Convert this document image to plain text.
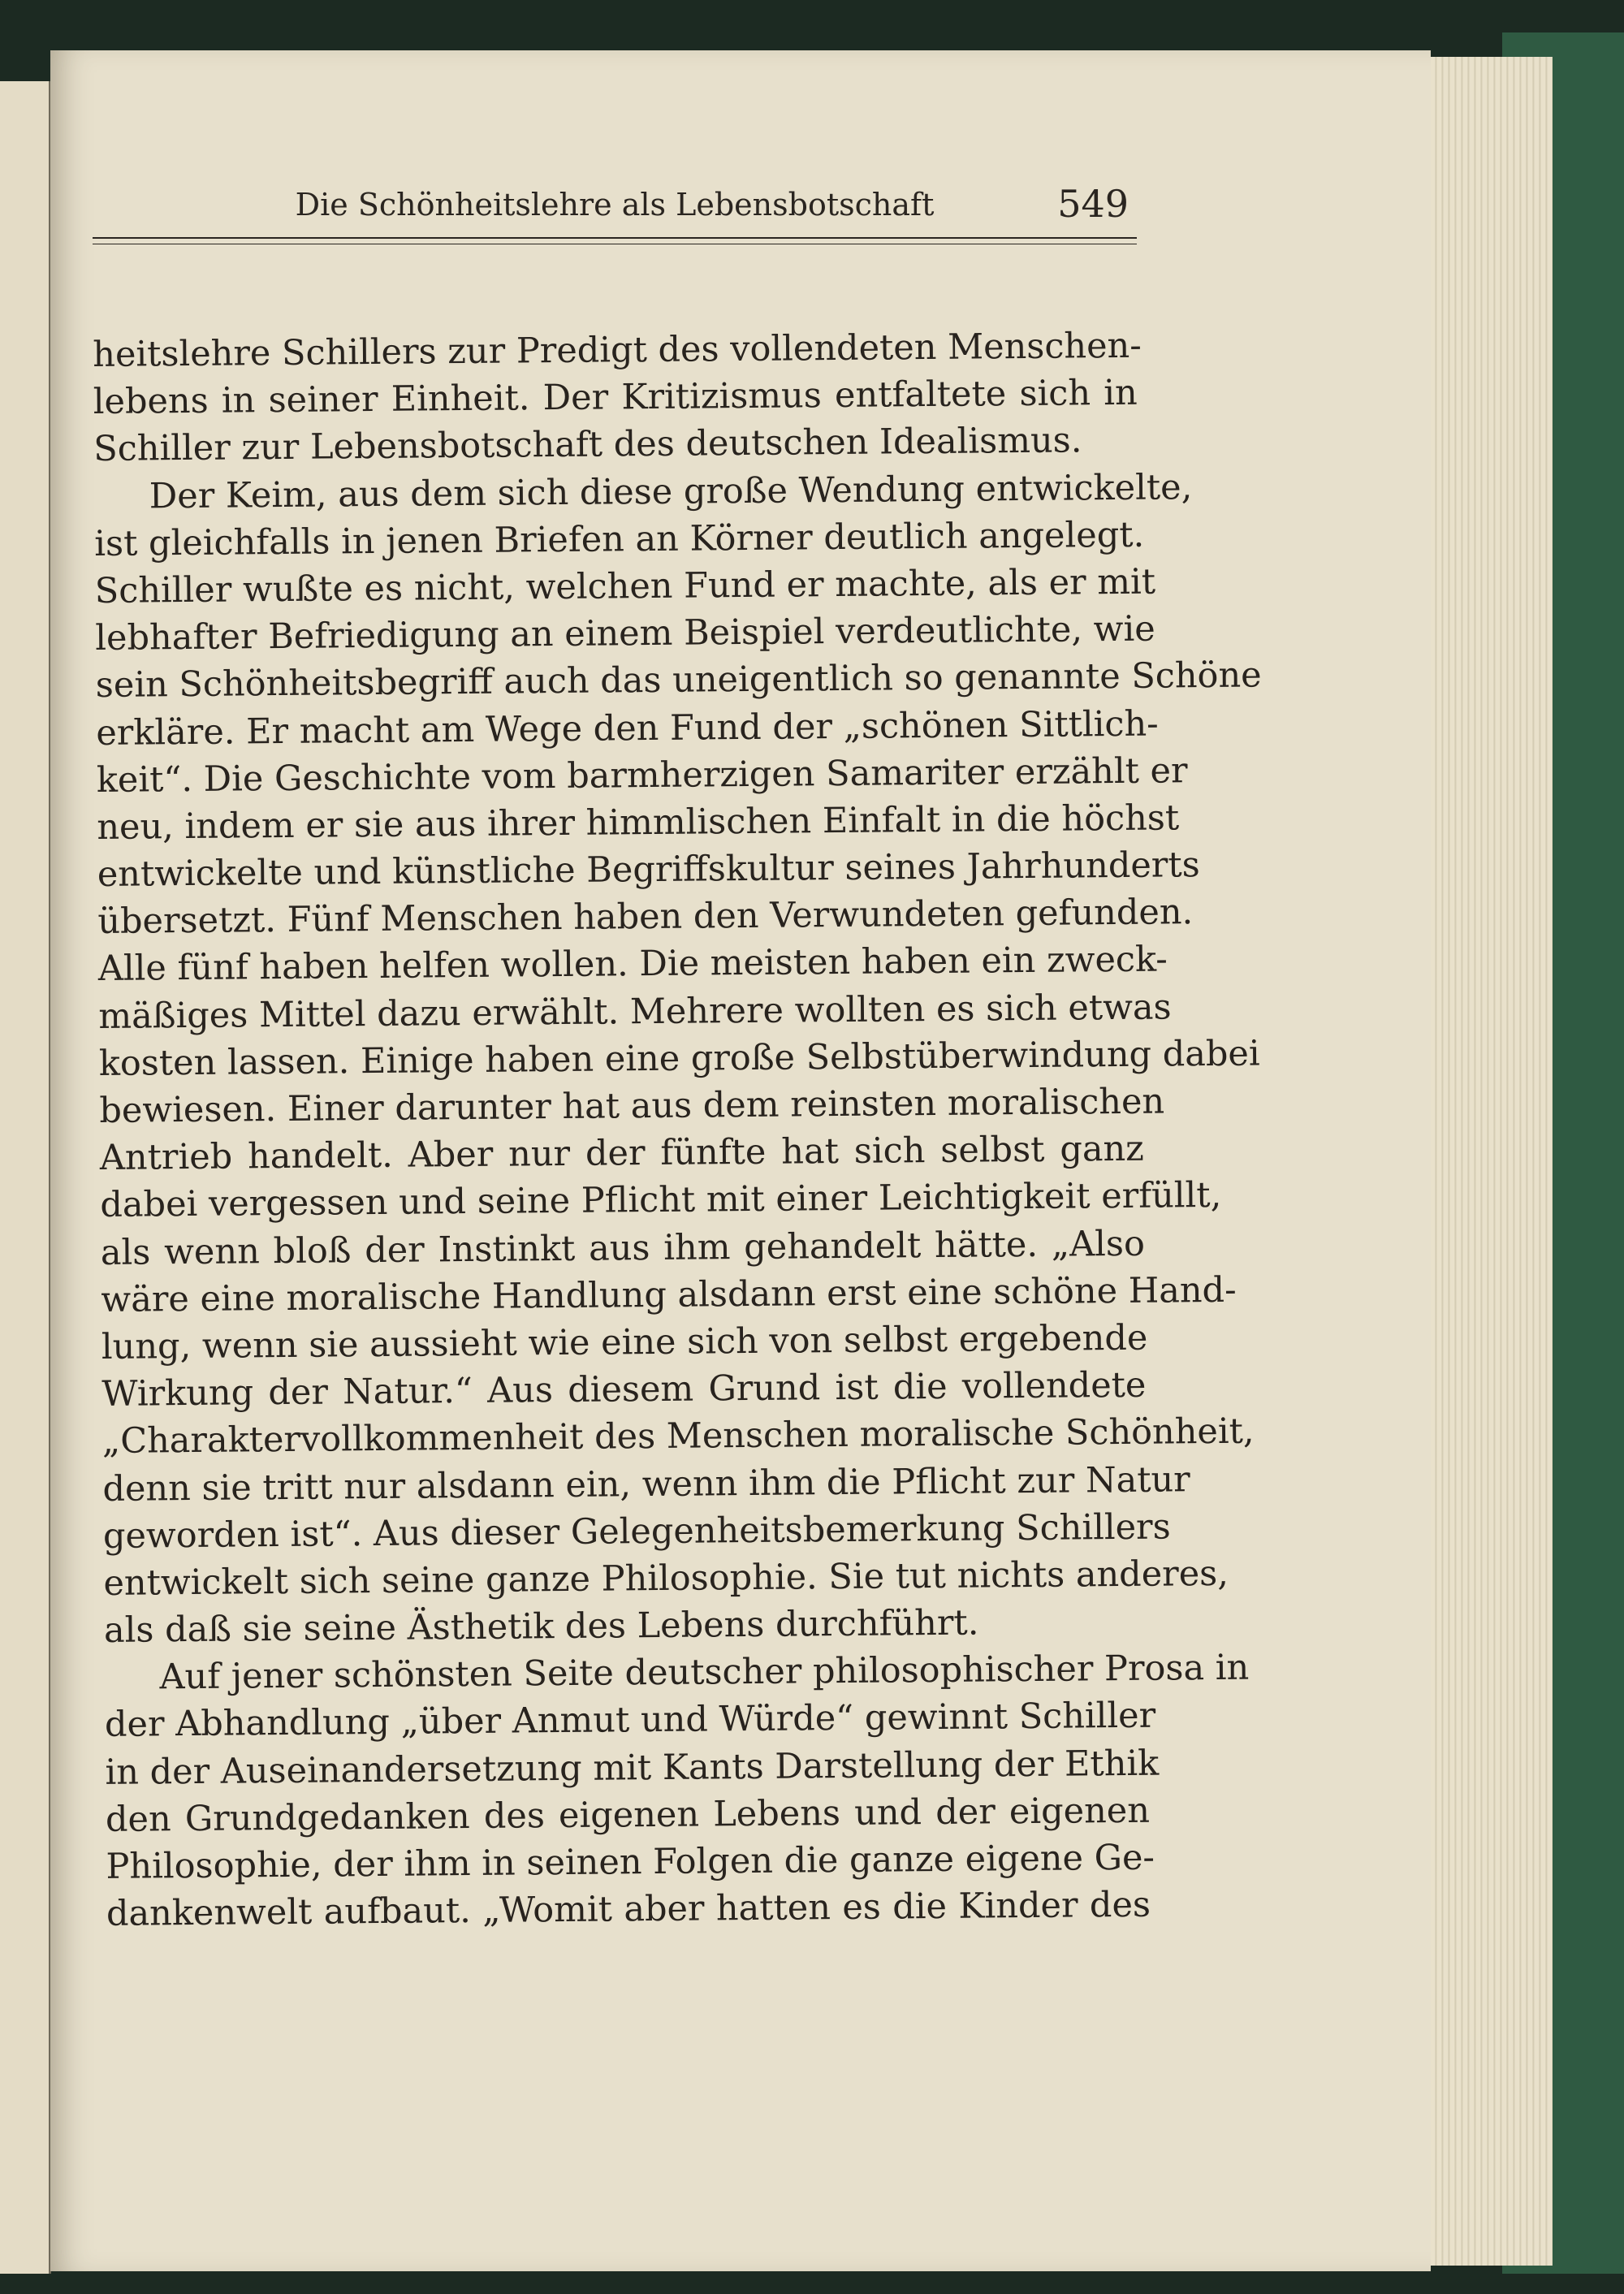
Die Schönheitslehre als Lebensbotschaft	549
heitslehre Schillers zur Predigt des vollendeten Menschen-
lebens in seiner Einheit. Der Kritizismus entfaltete sich in
Schiller zur Lebensbotschaft des deutschen Idealismus.
Der Keim, aus dem sich diese große Wendung entwickelte,
ist gleichfalls in jenen Briefen an Körner deutlich angelegt.
Schiller wußte es nicht, welchen Fund er machte, als er mit
lebhafter Befriedigung an einem Beispiel verdeutlichte, wie
sein Schönheitsbegriff auch das uneigentlich so genannte Schöne
erkläre. Er macht am Wege den Fund der „schönen Sittlich-
keit“. Die Geschichte vom barmherzigen Samariter erzählt er
neu, indem er sie aus ihrer himmlischen Einfalt in die höchst
entwickelte und künstliche Begriffskultur seines Jahrhunderts
übersetzt. Fünf Menschen haben den Verwundeten gefunden.
Alle fünf haben helfen wollen. Die meisten haben ein zweck-
mäßiges Mittel dazu erwählt. Mehrere wollten es sich etwas
kosten lassen. Einige haben eine große Selbstüberwindung dabei
bewiesen. Einer darunter hat aus dem reinsten moralischen
Antrieb handelt. Aber nur der fünfte hat sich selbst ganz
dabei vergessen und seine Pflicht mit einer Leichtigkeit erfüllt,
als wenn bloß der Instinkt aus ihm gehandelt hätte. „Also
wäre eine moralische Handlung alsdann erst eine schöne Hand-
lung, wenn sie aussieht wie eine sich von selbst ergebende
Wirkung der Natur.“ Aus diesem Grund ist die vollendete
„Charaktervollkommenheit des Menschen moralische Schönheit,
denn sie tritt nur alsdann ein, wenn ihm die Pflicht zur Natur
geworden ist“. Aus dieser Gelegenheitsbemerkung Schillers
entwickelt sich seine ganze Philosophie. Sie tut nichts anderes,
als daß sie seine Ästhetik des Lebens durchführt.
Auf jener schönsten Seite deutscher philosophischer Prosa in
der Abhandlung „über Anmut und Würde“ gewinnt Schiller
in der Auseinandersetzung mit Kants Darstellung der Ethik
den Grundgedanken des eigenen Lebens und der eigenen
Philosophie, der ihm in seinen Folgen die ganze eigene Ge-
dankenwelt aufbaut. „Womit aber hatten es die Kinder des
